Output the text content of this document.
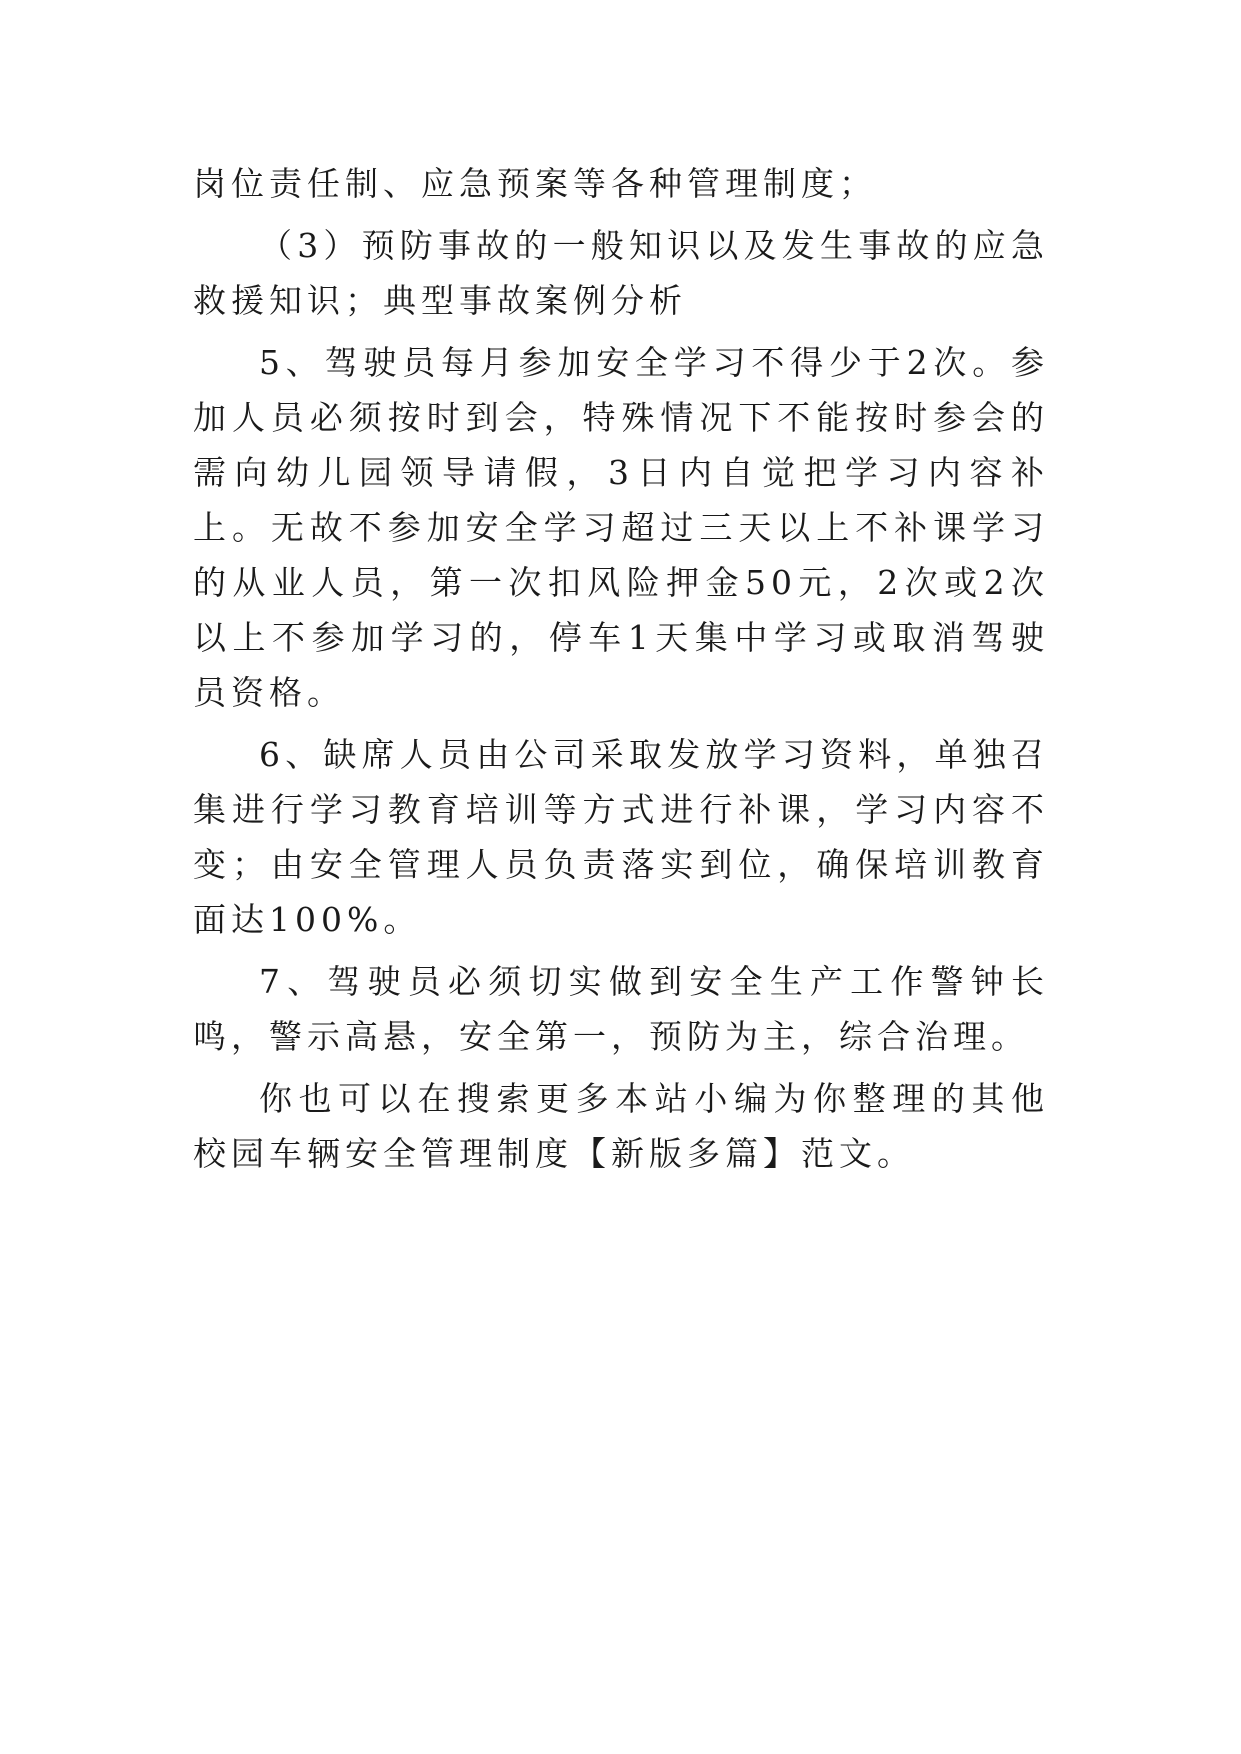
岗位责任制、应急预案等各种管理制度；

（3）预防事故的一般知识以及发生事故的应急救援知识；典型事故案例分析

5、驾驶员每月参加安全学习不得少于2次。参加人员必须按时到会，特殊情况下不能按时参会的需向幼儿园领导请假，3日内自觉把学习内容补上。无故不参加安全学习超过三天以上不补课学习的从业人员，第一次扣风险押金50元，2次或2次以上不参加学习的，停车1天集中学习或取消驾驶员资格。

6、缺席人员由公司采取发放学习资料，单独召集进行学习教育培训等方式进行补课，学习内容不变；由安全管理人员负责落实到位，确保培训教育面达100%。

7、驾驶员必须切实做到安全生产工作警钟长鸣，警示高悬，安全第一，预防为主，综合治理。

你也可以在搜索更多本站小编为你整理的其他校园车辆安全管理制度【新版多篇】范文。
